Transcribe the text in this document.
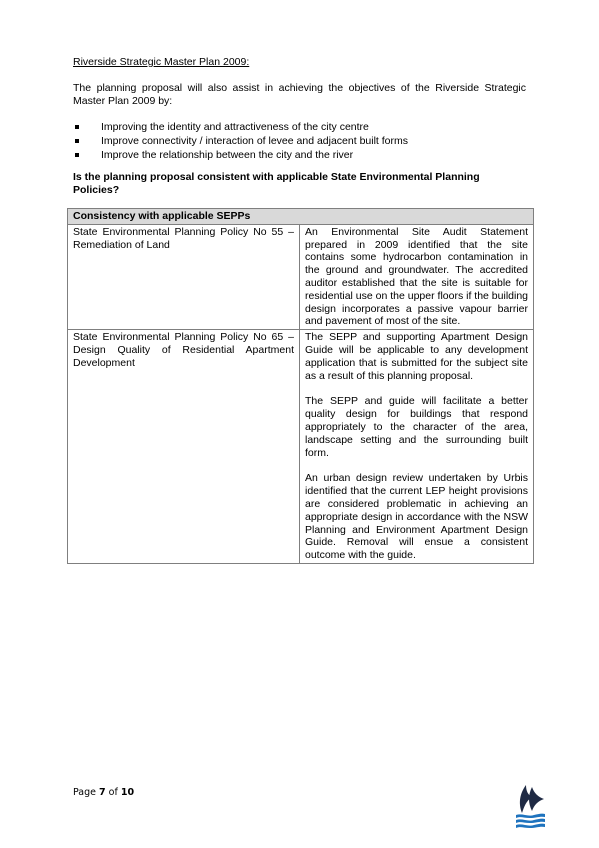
Riverside Strategic Master Plan 2009:
The planning proposal will also assist in achieving the objectives of the Riverside Strategic Master Plan 2009 by:
Improving the identity and attractiveness of the city centre
Improve connectivity / interaction of levee and adjacent built forms
Improve the relationship between the city and the river
Is the planning proposal consistent with applicable State Environmental Planning Policies?
Consistency with applicable SEPPs	
State Environmental Planning Policy No 55 – Remediation of Land	An Environmental Site Audit Statement prepared in 2009 identified that the site contains some hydrocarbon contamination in the ground and groundwater. The accredited auditor established that the site is suitable for residential use on the upper floors if the building design incorporates a passive vapour barrier and pavement of most of the site.

State Environmental Planning Policy No 65 – Design Quality of Residential Apartment Development	The SEPP and supporting Apartment Design Guide will be applicable to any development application that is submitted for the subject site as a result of this planning proposal.

The SEPP and guide will facilitate a better quality design for buildings that respond appropriately to the character of the area, landscape setting and the surrounding built form.

An urban design review undertaken by Urbis identified that the current LEP height provisions are considered problematic in achieving an appropriate design in accordance with the NSW Planning and Environment Apartment Design Guide. Removal will ensue a consistent outcome with the guide.

Page 7 of 10
